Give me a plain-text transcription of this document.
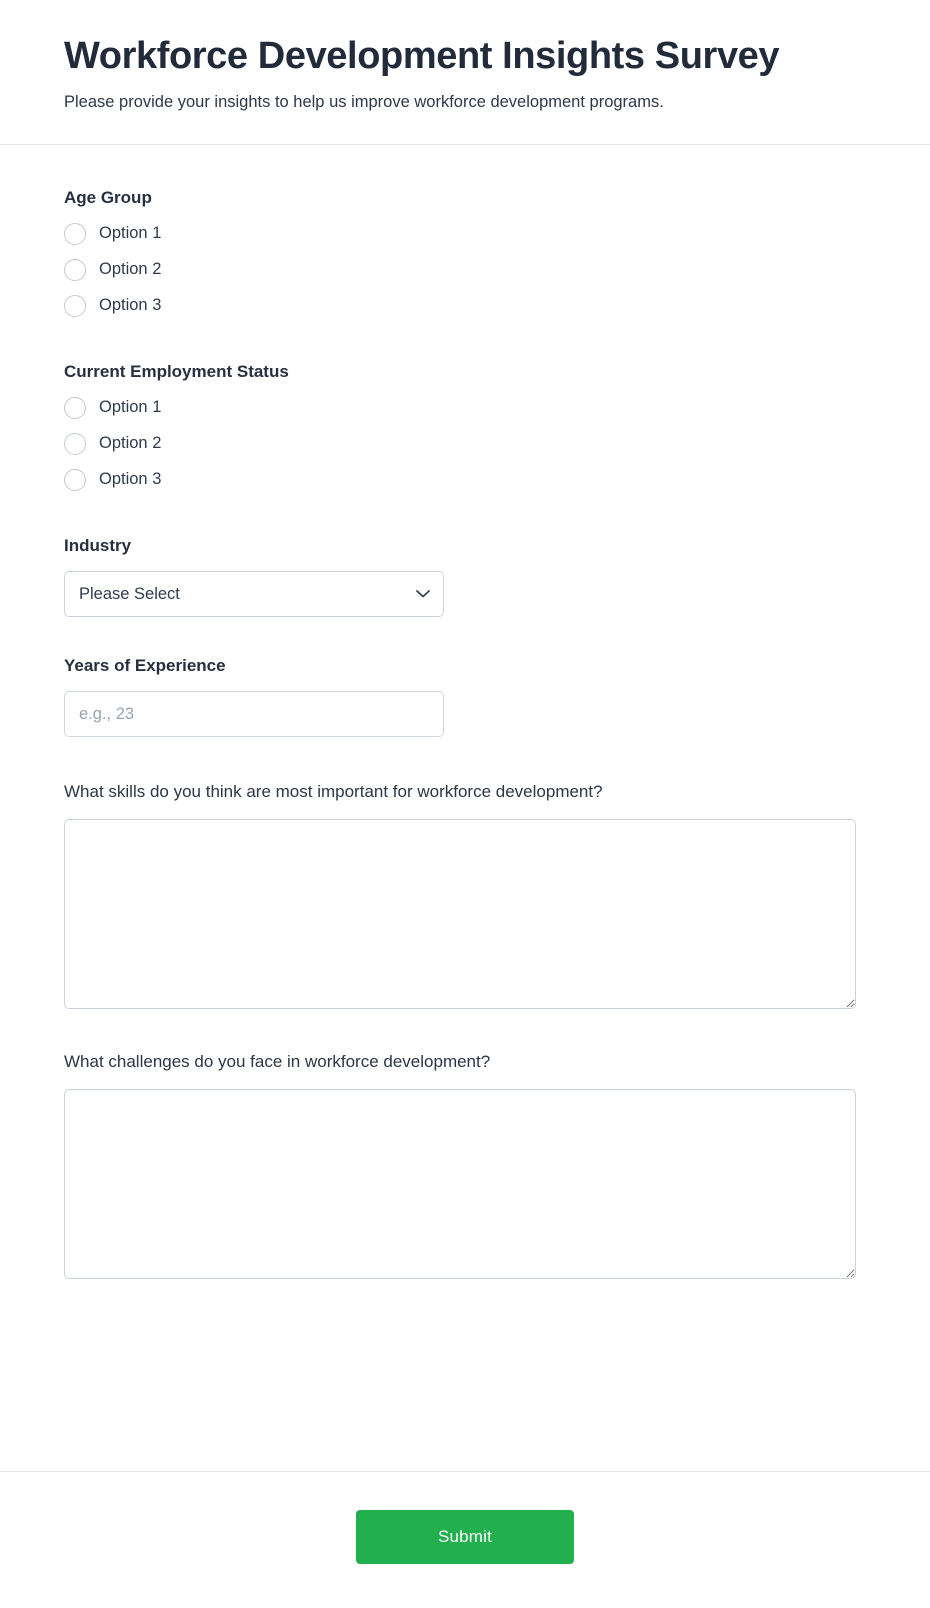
Workforce Development Insights Survey

Please provide your insights to help us improve workforce development programs.

Age Group
Option 1
Option 2
Option 3
Current Employment Status
Option 1
Option 2
Option 3
Industry
Please Select
Years of Experience
e.g., 23
What skills do you think are most important for workforce development?
What challenges do you face in workforce development?
Submit
